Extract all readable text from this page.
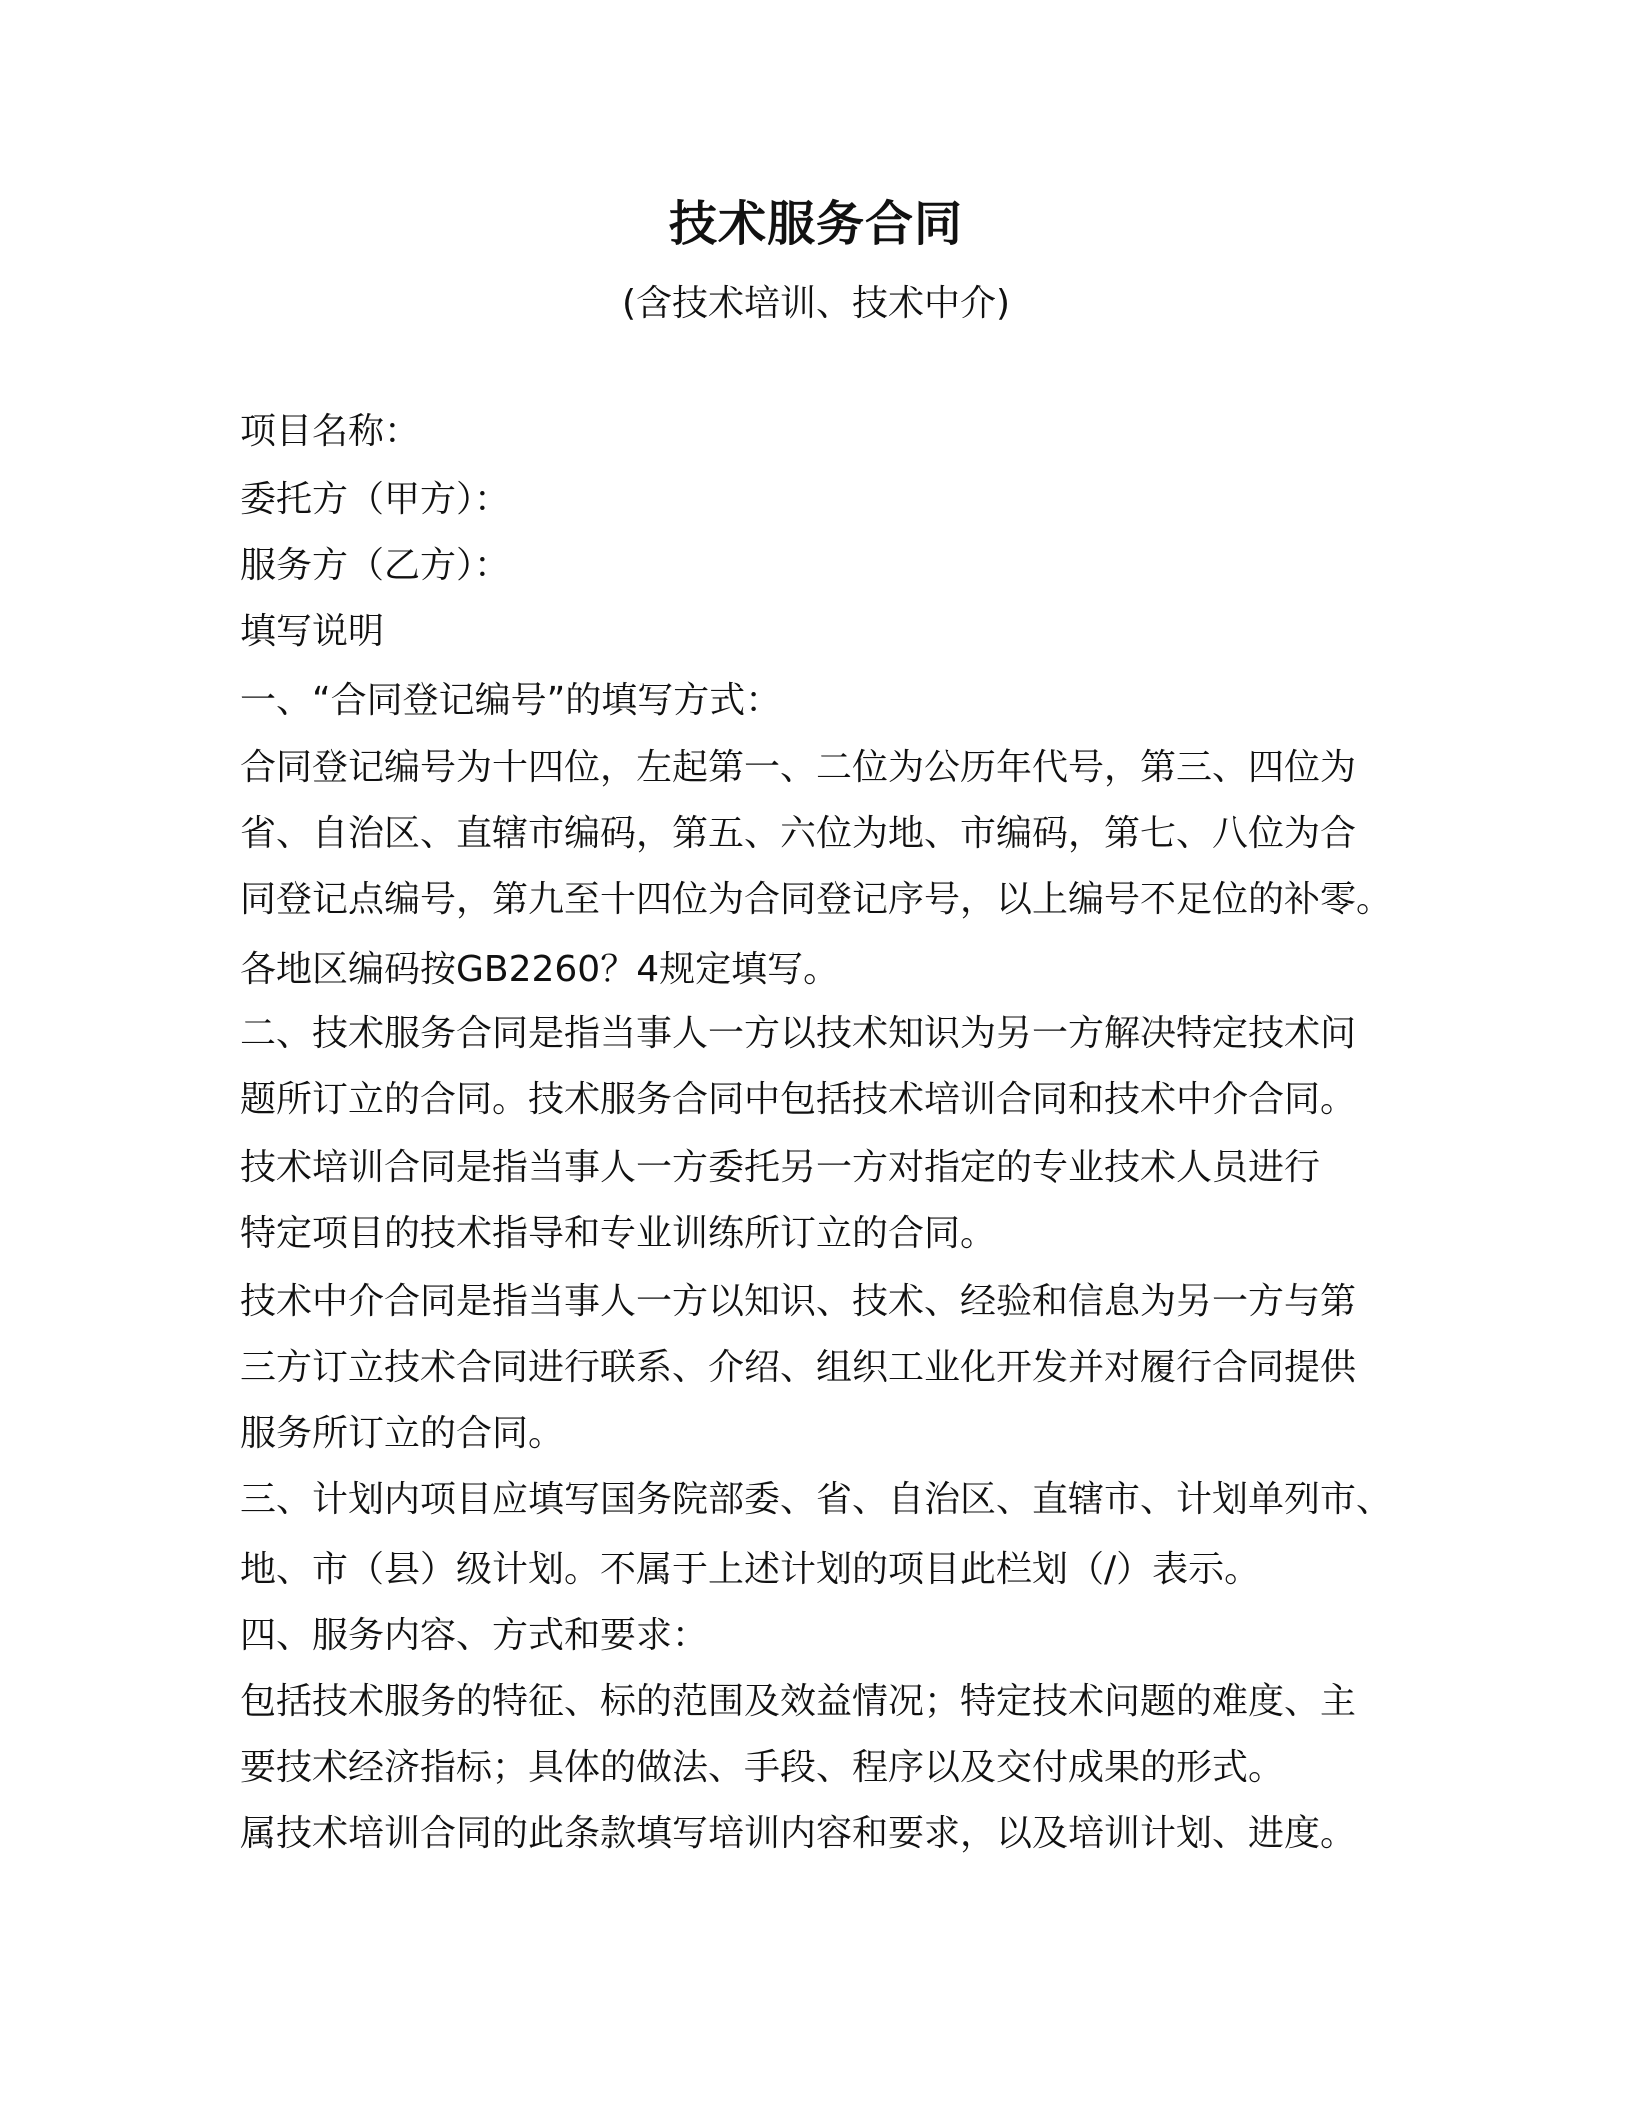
技术服务合同
(含技术培训、技术中介)
项目名称：
委托方（甲方）：
服务方（乙方）：
填写说明
一、“合同登记编号”的填写方式：
合同登记编号为十四位，左起第一、二位为公历年代号，第三、四位为
省、自治区、直辖市编码，第五、六位为地、市编码，第七、八位为合
同登记点编号，第九至十四位为合同登记序号，以上编号不足位的补零。
各地区编码按GB2260？4规定填写。
二、技术服务合同是指当事人一方以技术知识为另一方解决特定技术问
题所订立的合同。技术服务合同中包括技术培训合同和技术中介合同。
技术培训合同是指当事人一方委托另一方对指定的专业技术人员进行
特定项目的技术指导和专业训练所订立的合同。
技术中介合同是指当事人一方以知识、技术、经验和信息为另一方与第
三方订立技术合同进行联系、介绍、组织工业化开发并对履行合同提供
服务所订立的合同。
三、计划内项目应填写国务院部委、省、自治区、直辖市、计划单列市、
地、市（县）级计划。不属于上述计划的项目此栏划（/）表示。
四、服务内容、方式和要求：
包括技术服务的特征、标的范围及效益情况；特定技术问题的难度、主
要技术经济指标；具体的做法、手段、程序以及交付成果的形式。
属技术培训合同的此条款填写培训内容和要求，以及培训计划、进度。
